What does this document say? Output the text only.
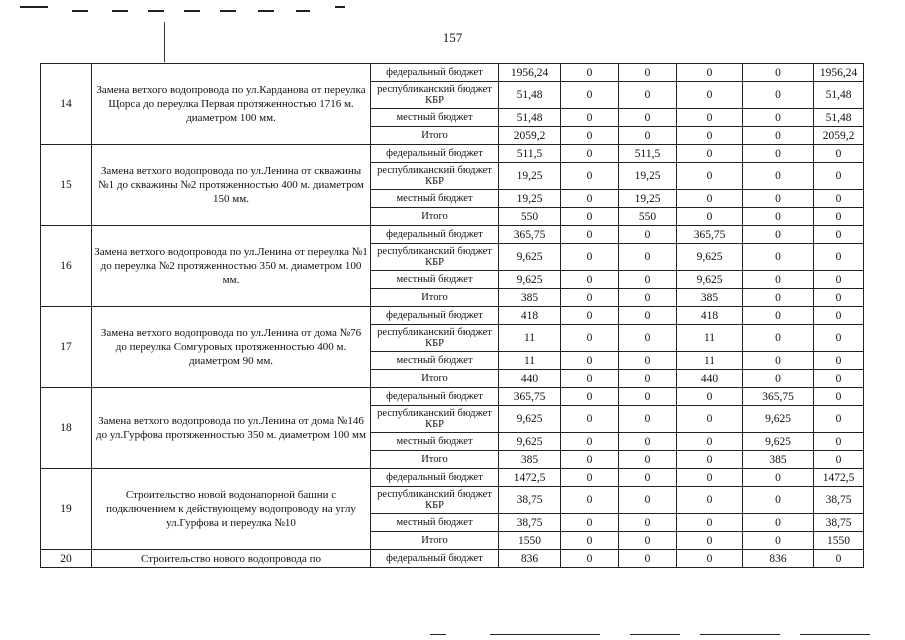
157
14	Замена ветхого водопровода по ул.Карданова от переулка Щорса до переулка Первая протяженностью 1716 м. диаметром 100 мм.	федеральный бюджет	1956,24	0	0	0	0	1956,24
		республиканский бюджет КБР	51,48	0	0	0	0	51,48
		местный бюджет	51,48	0	0	0	0	51,48
		Итого	2059,2	0	0	0	0	2059,2
15	Замена ветхого водопровода по ул.Ленина от скважины №1 до скважины №2 протяженностью 400 м. диаметром 150 мм.	федеральный бюджет	511,5	0	511,5	0	0	0
		республиканский бюджет КБР	19,25	0	19,25	0	0	0
		местный бюджет	19,25	0	19,25	0	0	0
		Итого	550	0	550	0	0	0
16	Замена ветхого водопровода по ул.Ленина от переулка №1 до переулка №2 протяженностью 350 м. диаметром 100 мм.	федеральный бюджет	365,75	0	0	365,75	0	0
		республиканский бюджет КБР	9,625	0	0	9,625	0	0
		местный бюджет	9,625	0	0	9,625	0	0
		Итого	385	0	0	385	0	0
17	Замена ветхого водопровода по ул.Ленина от дома №76 до переулка Сомгуровых протяженностью 400 м. диаметром 90 мм.	федеральный бюджет	418	0	0	418	0	0
		республиканский бюджет КБР	11	0	0	11	0	0
		местный бюджет	11	0	0	11	0	0
		Итого	440	0	0	440	0	0
18	Замена ветхого водопровода по ул.Ленина от дома №146 до ул.Гурфова протяженностью 350 м. диаметром 100 мм	федеральный бюджет	365,75	0	0	0	365,75	0
		республиканский бюджет КБР	9,625	0	0	0	9,625	0
		местный бюджет	9,625	0	0	0	9,625	0
		Итого	385	0	0	0	385	0
19	Строительство новой водонапорной башни с подключением к действующему водопроводу на углу ул.Гурфова и переулка №10	федеральный бюджет	1472,5	0	0	0	0	1472,5
		республиканский бюджет КБР	38,75	0	0	0	0	38,75
		местный бюджет	38,75	0	0	0	0	38,75
		Итого	1550	0	0	0	0	1550
20	Строительство нового водопровода по	федеральный бюджет	836	0	0	0	836	0
